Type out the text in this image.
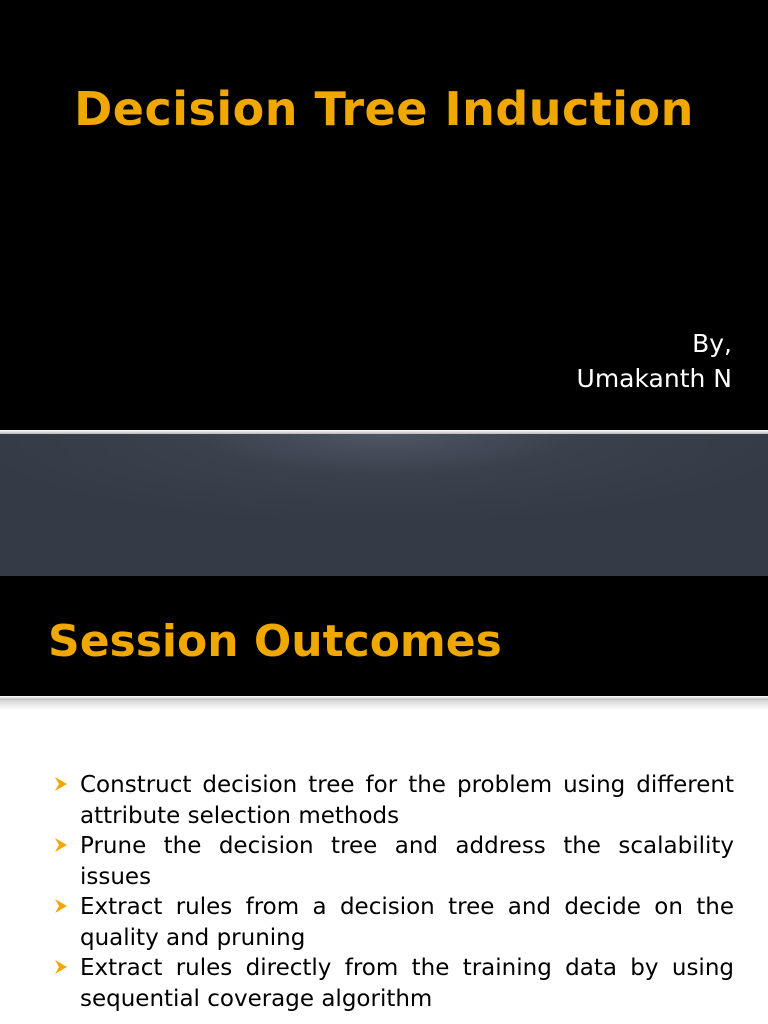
Decision Tree Induction
By,
Umakanth N
Session Outcomes
Construct decision tree for the problem using different attribute selection methods
Prune the decision tree and address the scalability issues
Extract rules from a decision tree and decide on the quality and pruning
Extract rules directly from the training data by using sequential coverage algorithm
